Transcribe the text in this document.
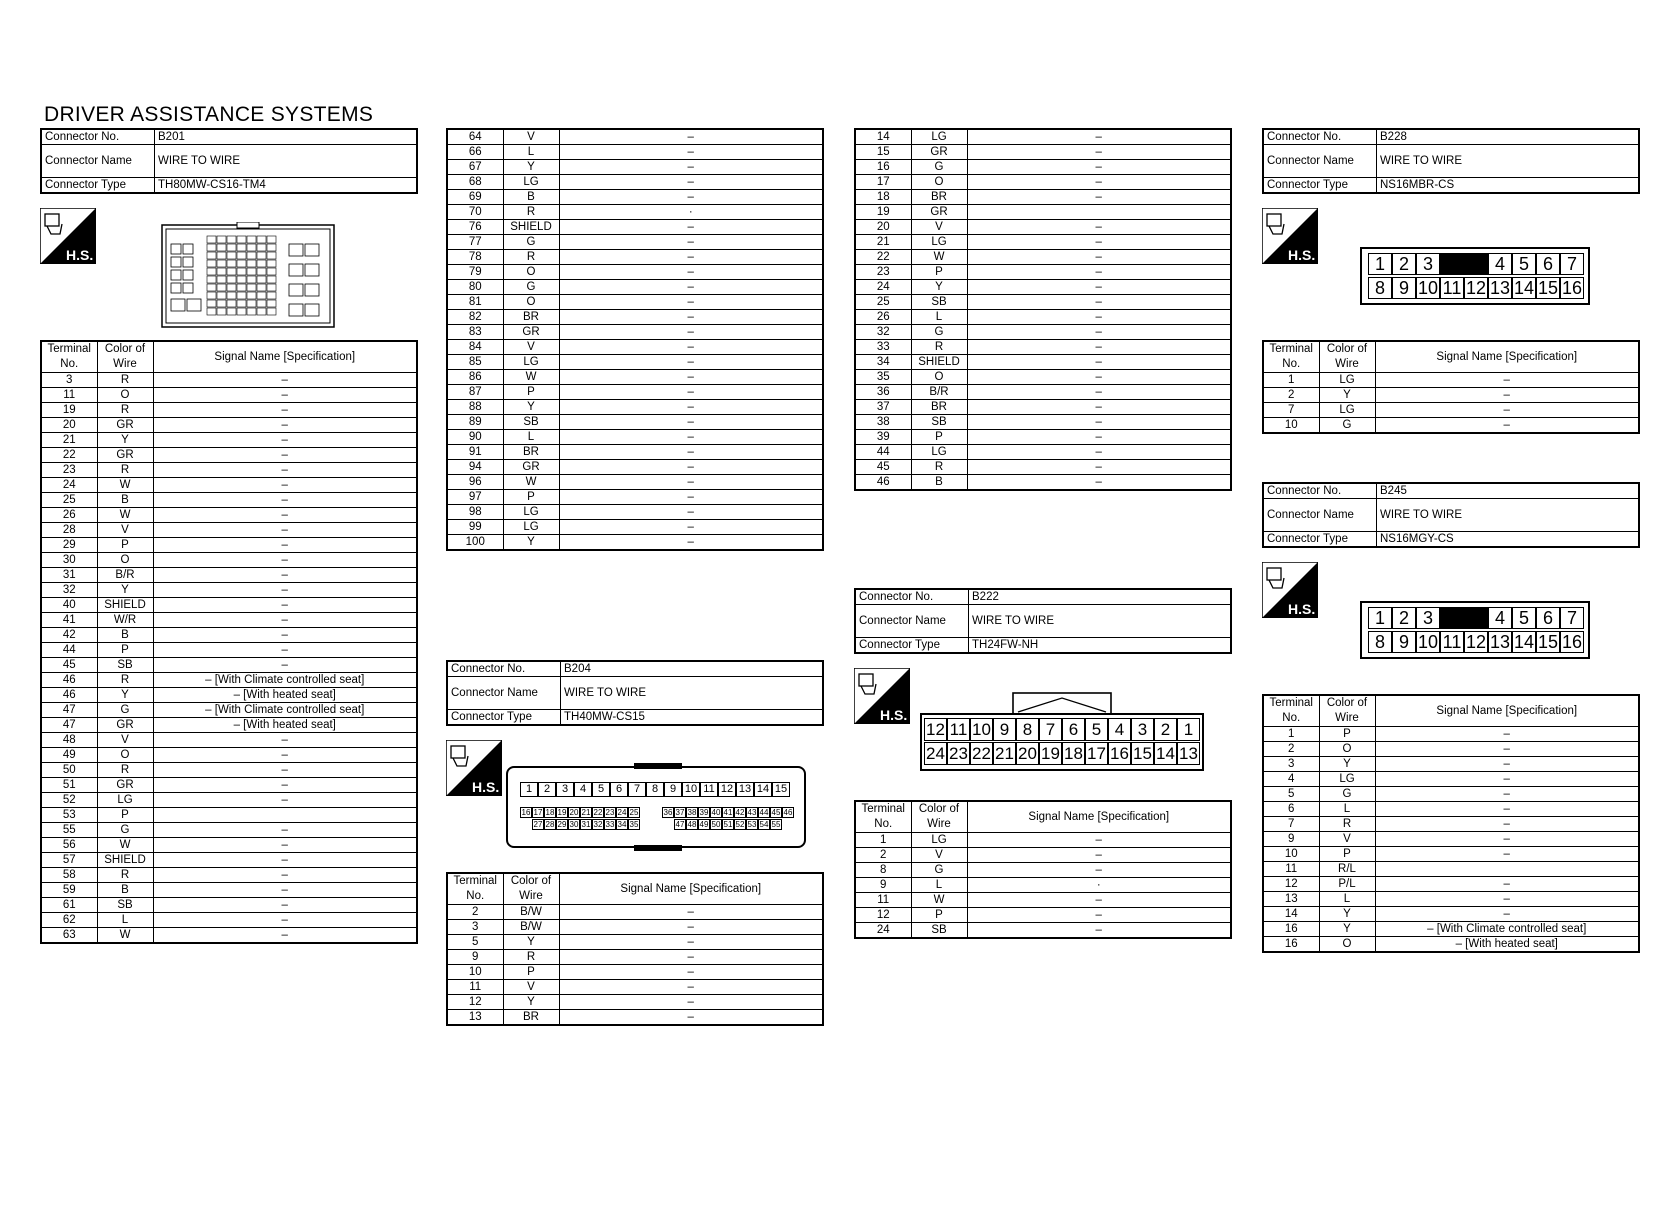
DRIVER ASSISTANCE SYSTEMS
Connector No.	B201
Connector Name	WIRE TO WIRE
Connector Type	TH80MW-CS16-TM4
H.S.
Terminal No.	Color of Wire	Signal Name [Specification]
3	R	–
11	O	–
19	R	–
20	GR	–
21	Y	–
22	GR	–
23	R	–
24	W	–
25	B	–
26	W	–
28	V	–
29	P	–
30	O	–
31	B/R	–
32	Y	–
40	SHIELD	–
41	W/R	–
42	B	–
44	P	–
45	SB	–
46	R	– [With Climate controlled seat]
46	Y	– [With heated seat]
47	G	– [With Climate controlled seat]
47	GR	– [With heated seat]
48	V	–
49	O	–
50	R	–
51	GR	–
52	LG	–
53	P	
55	G	–
56	W	–
57	SHIELD	–
58	R	–
59	B	–
61	SB	–
62	L	–
63	W	–
64	V	–
66	L	–
67	Y	–
68	LG	–
69	B	–
70	R	·
76	SHIELD	–
77	G	–
78	R	–
79	O	–
80	G	–
81	O	–
82	BR	–
83	GR	–
84	V	–
85	LG	–
86	W	–
87	P	–
88	Y	–
89	SB	–
90	L	–
91	BR	–
94	GR	–
96	W	–
97	P	–
98	LG	–
99	LG	–
100	Y	–
Connector No.	B204
Connector Name	WIRE TO WIRE
Connector Type	TH40MW-CS15
H.S.	1	2	3	4	5	6	7	8	9 10 11 12 13 14 15
16 17 18 19 20 21 22 23 24 25	36 37 38 39 40 41 42 43 44 45 46
27 28 29 30 31 32 33 34 35	47 48 49 50 51 52 53 54 55
Terminal No.	Color of Wire	Signal Name [Specification]
2	B/W	–
3	B/W	–
5	Y	–
9	R	–
10	P	–
11	V	–
12	Y	–
13	BR	–
14	LG	–
15	GR	–
16	G	–
17	O	–
18	BR	–
19	GR	
20	V	–
21	LG	–
22	W	–
23	P	–
24	Y	–
25	SB	–
26	L	–
32	G	–
33	R	–
34	SHIELD	–
35	O	–
36	B/R	–
37	BR	–
38	SB	–
39	P	–
44	LG	–
45	R	–
46	B	–
Connector No.	B222
Connector Name	WIRE TO WIRE
Connector Type	TH24FW-NH
H.S.
12 11 10 9 8 7 6 5 4 3 2 1
24 23 22 21 20 19 18 17 16 15 14 13
Terminal No.	Color of Wire	Signal Name [Specification]
1	LG	–
2	V	–
8	G	–
9	L	·
11	W	–
12	P	–
24	SB	–
Connector No.	B228
Connector Name	WIRE TO WIRE
Connector Type	NS16MBR-CS
H.S.	1 2 3	4 5 6 7
8 9 10 11 12 13 14 15 16
Terminal No.	Color of Wire	Signal Name [Specification]
1	LG	–
2	Y	–
7	LG	–
10	G	–
Connector No.	B245
Connector Name	WIRE TO WIRE
Connector Type	NS16MGY-CS
H.S.	1 2 3	4 5 6 7
8 9 10 11 12 13 14 15 16
Terminal No.	Color of Wire	Signal Name [Specification]
1	P	–
2	O	–
3	Y	–
4	LG	–
5	G	–
6	L	–
7	R	–
9	V	–
10	P	–
11	R/L	
12	P/L	–
13	L	–
14	Y	–
16	Y	– [With Climate controlled seat]
16	O	– [With heated seat]
